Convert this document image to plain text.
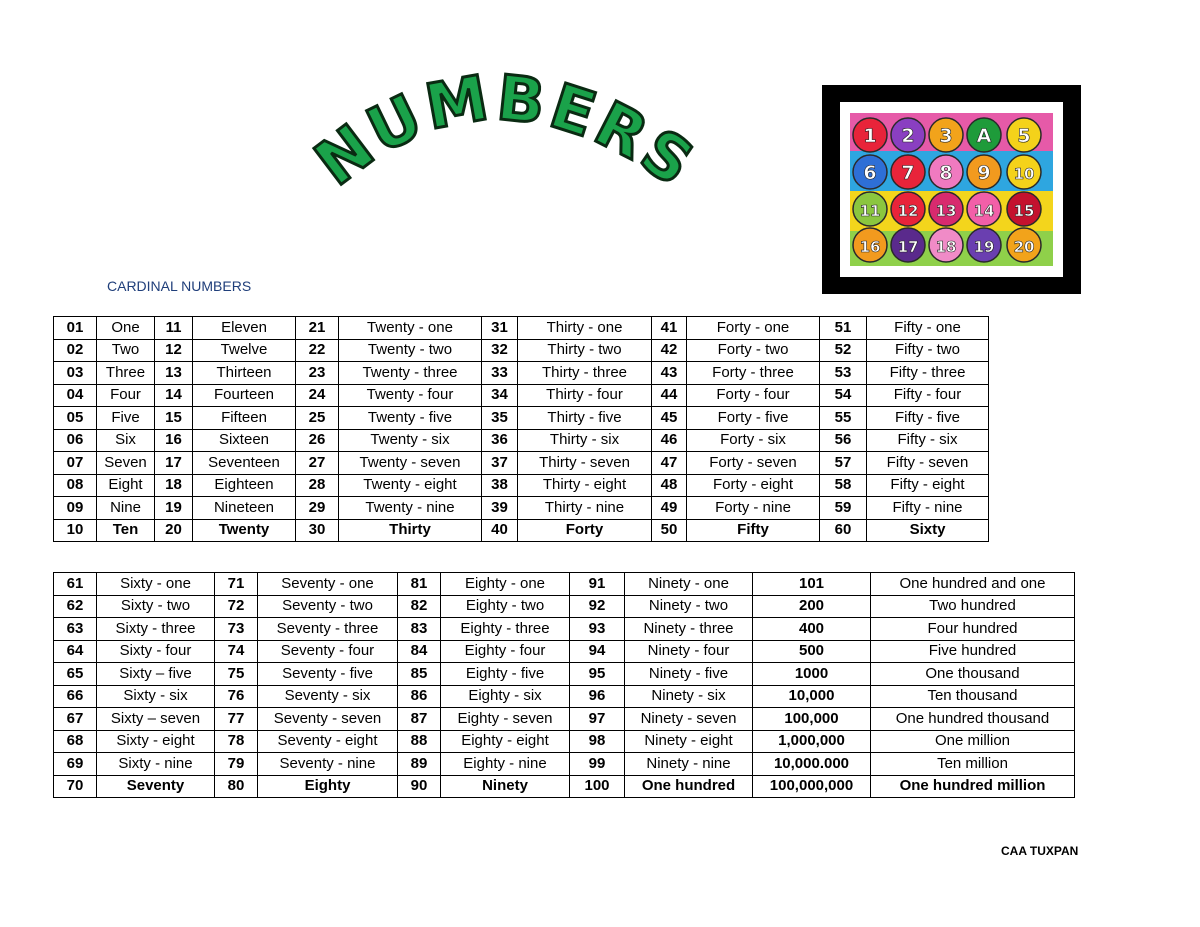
NUMBERS
CARDINAL NUMBERS
1 2 3 A 5
6 7 8 9 10
11 12 13 14 15
16 17 18 19 20
01	One	11	Eleven	21	Twenty - one	31	Thirty - one	41	Forty - one	51	Fifty - one
02	Two	12	Twelve	22	Twenty - two	32	Thirty - two	42	Forty - two	52	Fifty - two
03	Three	13	Thirteen	23	Twenty - three	33	Thirty - three	43	Forty - three	53	Fifty - three
04	Four	14	Fourteen	24	Twenty - four	34	Thirty - four	44	Forty - four	54	Fifty - four
05	Five	15	Fifteen	25	Twenty - five	35	Thirty - five	45	Forty - five	55	Fifty - five
06	Six	16	Sixteen	26	Twenty - six	36	Thirty - six	46	Forty - six	56	Fifty - six
07	Seven	17	Seventeen	27	Twenty - seven	37	Thirty - seven	47	Forty - seven	57	Fifty - seven
08	Eight	18	Eighteen	28	Twenty - eight	38	Thirty - eight	48	Forty - eight	58	Fifty - eight
09	Nine	19	Nineteen	29	Twenty - nine	39	Thirty - nine	49	Forty - nine	59	Fifty - nine
10	Ten	20	Twenty	30	Thirty	40	Forty	50	Fifty	60	Sixty
61	Sixty - one	71	Seventy - one	81	Eighty - one	91	Ninety - one	101	One hundred and one
62	Sixty - two	72	Seventy - two	82	Eighty - two	92	Ninety - two	200	Two hundred
63	Sixty - three	73	Seventy - three	83	Eighty - three	93	Ninety - three	400	Four hundred
64	Sixty - four	74	Seventy - four	84	Eighty - four	94	Ninety - four	500	Five hundred
65	Sixty – five	75	Seventy - five	85	Eighty - five	95	Ninety - five	1000	One thousand
66	Sixty - six	76	Seventy - six	86	Eighty - six	96	Ninety - six	10,000	Ten thousand
67	Sixty – seven	77	Seventy - seven	87	Eighty - seven	97	Ninety - seven	100,000	One hundred thousand
68	Sixty - eight	78	Seventy - eight	88	Eighty - eight	98	Ninety - eight	1,000,000	One million
69	Sixty - nine	79	Seventy - nine	89	Eighty - nine	99	Ninety - nine	10,000.000	Ten million
70	Seventy	80	Eighty	90	Ninety	100	One hundred	100,000,000	One hundred million
CAA TUXPAN
